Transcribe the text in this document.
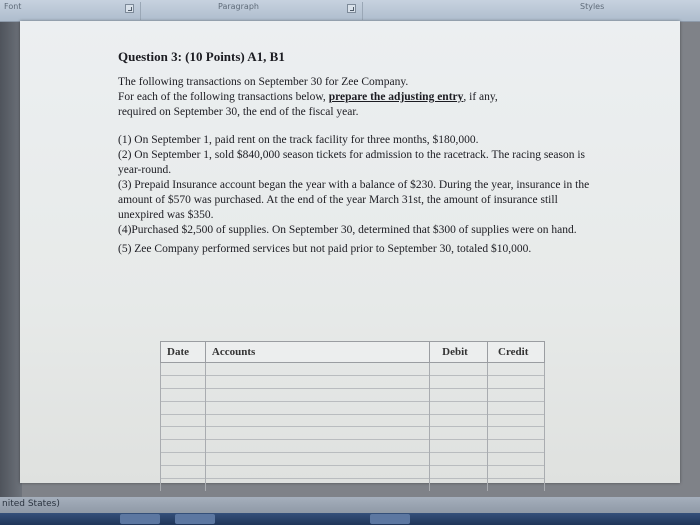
Font	Paragraph	Styles
Question 3: (10 Points) A1, B1
The following transactions on September 30 for Zee Company.
For each of the following transactions below, prepare the adjusting entry, if any,
required on September 30, the end of the fiscal year.

(1) On September 1, paid rent on the track facility for three months, $180,000.

(2) On September 1, sold $840,000 season tickets for admission to the racetrack. The racing season is year-round.

(3) Prepaid Insurance account began the year with a balance of $230. During the year, insurance in the amount of $570 was purchased. At the end of the year March 31st, the amount of insurance still unexpired was $350.

(4)Purchased $2,500 of supplies. On September 30, determined that $300 of supplies were on hand.

(5) Zee Company performed services but not paid prior to September 30, totaled $10,000.

Date	Accounts	Debit	Credit

nited States)
